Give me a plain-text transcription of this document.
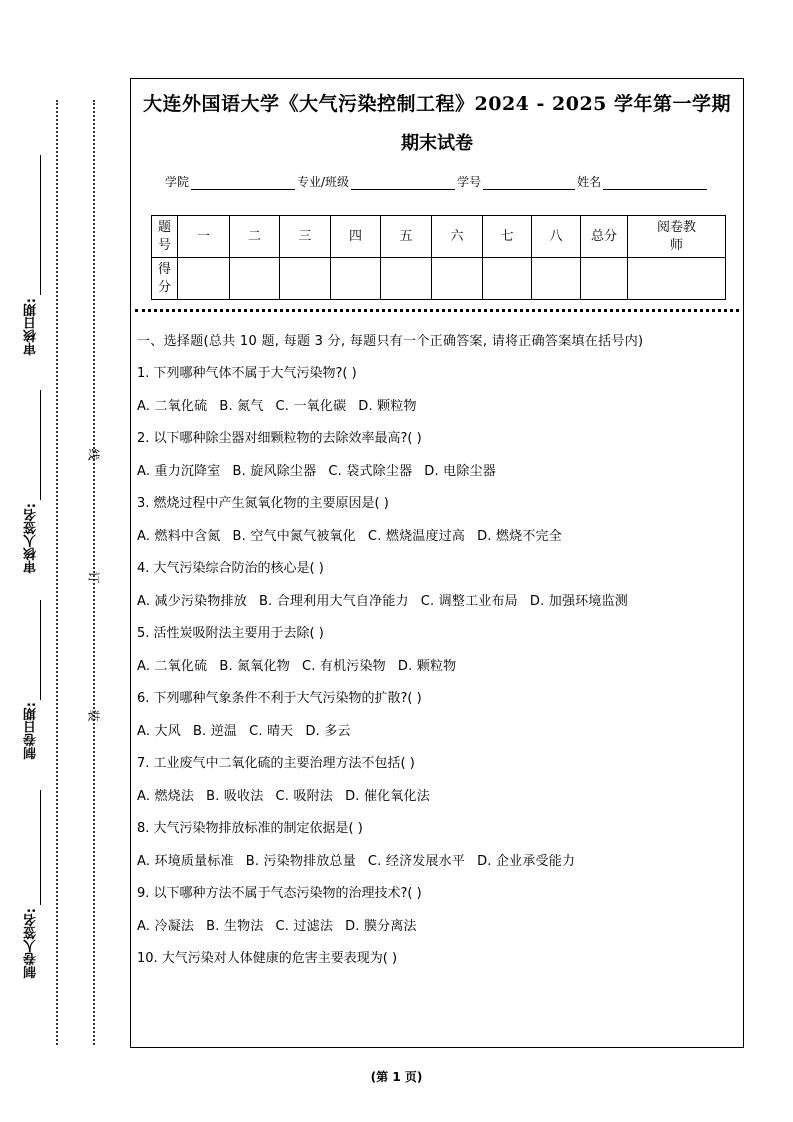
审核日期:
审核人签名:
制卷日期:
制卷人签名:
线
订
装
大连外国语大学《大气污染控制工程》2024 - 2025 学年第一学期
期末试卷
学院	专业/班级	学号	姓名
题号	一	二	三	四	五	六	七	八	总分	阅卷教师
得分										
一、选择题(总共 10 题, 每题 3 分, 每题只有一个正确答案, 请将正确答案填在括号内)
1. 下列哪种气体不属于大气污染物?( )
A. 二氧化硫 B. 氮气 C. 一氧化碳 D. 颗粒物
2. 以下哪种除尘器对细颗粒物的去除效率最高?( )
A. 重力沉降室 B. 旋风除尘器 C. 袋式除尘器 D. 电除尘器
3. 燃烧过程中产生氮氧化物的主要原因是( )
A. 燃料中含氮 B. 空气中氮气被氧化 C. 燃烧温度过高 D. 燃烧不完全
4. 大气污染综合防治的核心是( )
A. 减少污染物排放 B. 合理利用大气自净能力 C. 调整工业布局 D. 加强环境监测
5. 活性炭吸附法主要用于去除( )
A. 二氧化硫 B. 氮氧化物 C. 有机污染物 D. 颗粒物
6. 下列哪种气象条件不利于大气污染物的扩散?( )
A. 大风 B. 逆温 C. 晴天 D. 多云
7. 工业废气中二氧化硫的主要治理方法不包括( )
A. 燃烧法 B. 吸收法 C. 吸附法 D. 催化氧化法
8. 大气污染物排放标准的制定依据是( )
A. 环境质量标准 B. 污染物排放总量 C. 经济发展水平 D. 企业承受能力
9. 以下哪种方法不属于气态污染物的治理技术?( )
A. 冷凝法 B. 生物法 C. 过滤法 D. 膜分离法
10. 大气污染对人体健康的危害主要表现为( )
(第 1 页)
